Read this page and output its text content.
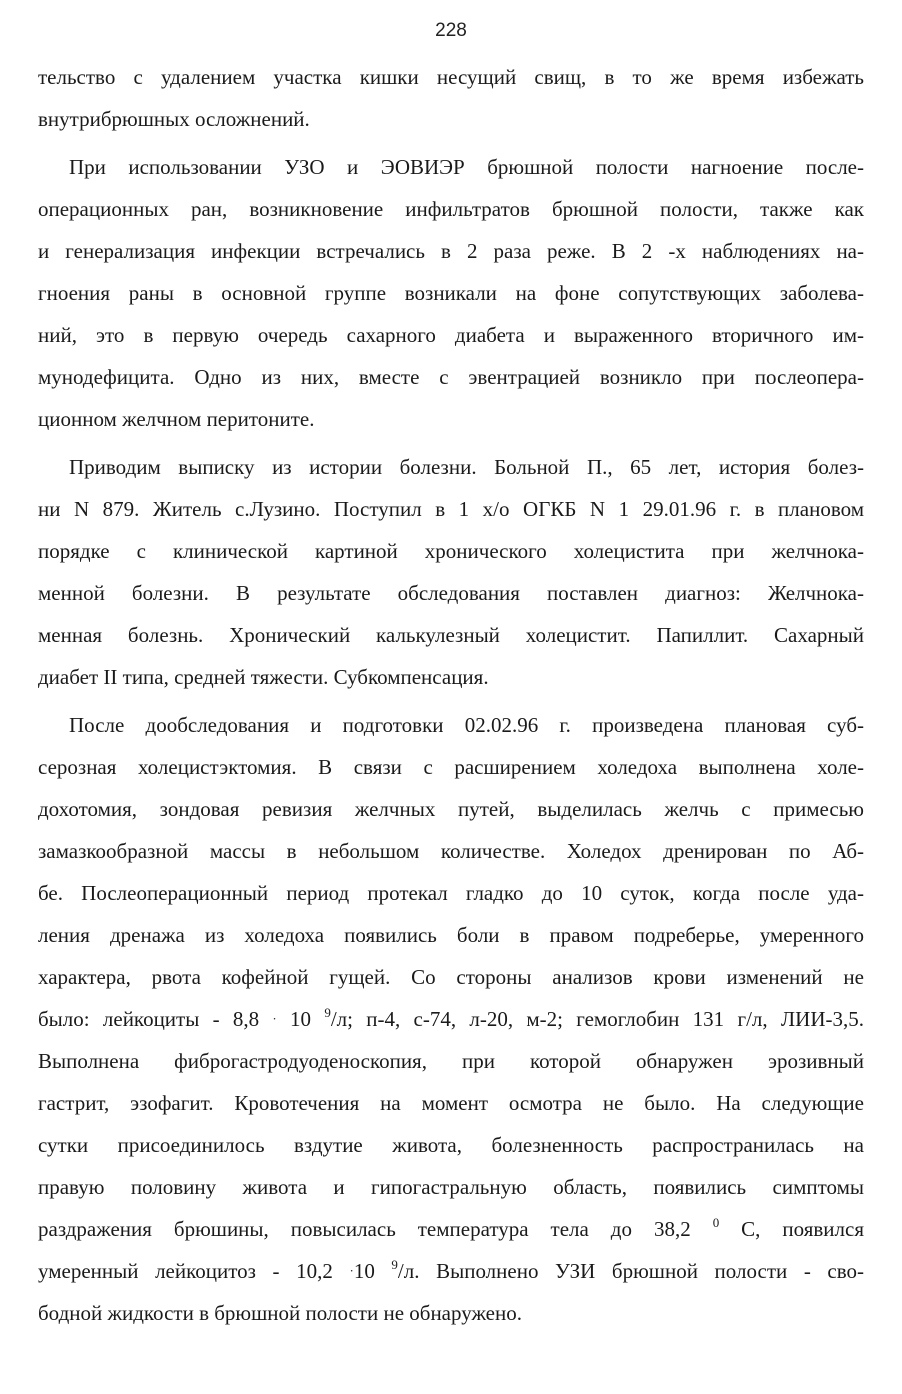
228
тельство с удалением участка кишки несущий свищ, в то же время избежать
внутрибрюшных осложнений.
При использовании УЗО и ЭОВИЭР брюшной полости нагноение после-
операционных ран, возникновение инфильтратов брюшной полости, также как
и генерализация инфекции встречались в 2 раза реже. В 2 -х наблюдениях на-
гноения раны в основной группе возникали на фоне сопутствующих заболева-
ний, это в первую очередь сахарного диабета и выраженного вторичного им-
мунодефицита. Одно из них, вместе с эвентрацией возникло при послеопера-
ционном желчном перитоните.
Приводим выписку из истории болезни. Больной П., 65 лет, история болез-
ни N 879. Житель с.Лузино. Поступил в 1 х/о ОГКБ N 1 29.01.96 г. в плановом
порядке с клинической картиной хронического холецистита при желчнока-
менной болезни. В результате обследования поставлен диагноз: Желчнока-
менная болезнь. Хронический калькулезный холецистит. Папиллит. Сахарный
диабет II типа, средней тяжести. Субкомпенсация.
После дообследования и подготовки 02.02.96 г. произведена плановая суб-
серозная холецистэктомия. В связи с расширением холедоха выполнена холе-
дохотомия, зондовая ревизия желчных путей, выделилась желчь с примесью
замазкообразной массы в небольшом количестве. Холедох дренирован по Аб-
бе. Послеоперационный период протекал гладко до 10 суток, когда после уда-
ления дренажа из холедоха появились боли в правом подреберье, умеренного
характера, рвота кофейной гущей. Со стороны анализов крови изменений не
было: лейкоциты - 8,8 · 10 $^9$/л; п-4, с-74, л-20, м-2; гемоглобин 131 г/л, ЛИИ-3,5.
Выполнена фиброгастродуоденоскопия, при которой обнаружен эрозивный
гастрит, эзофагит. Кровотечения на момент осмотра не было. На следующие
сутки присоединилось вздутие живота, болезненность распространилась на
правую половину живота и гипогастральную область, появились симптомы
раздражения брюшины, повысилась температура тела до 38,2 $^0$ С, появился
умеренный лейкоцитоз - 10,2 ·10 $^9$/л. Выполнено УЗИ брюшной полости - сво-
бодной жидкости в брюшной полости не обнаружено.
